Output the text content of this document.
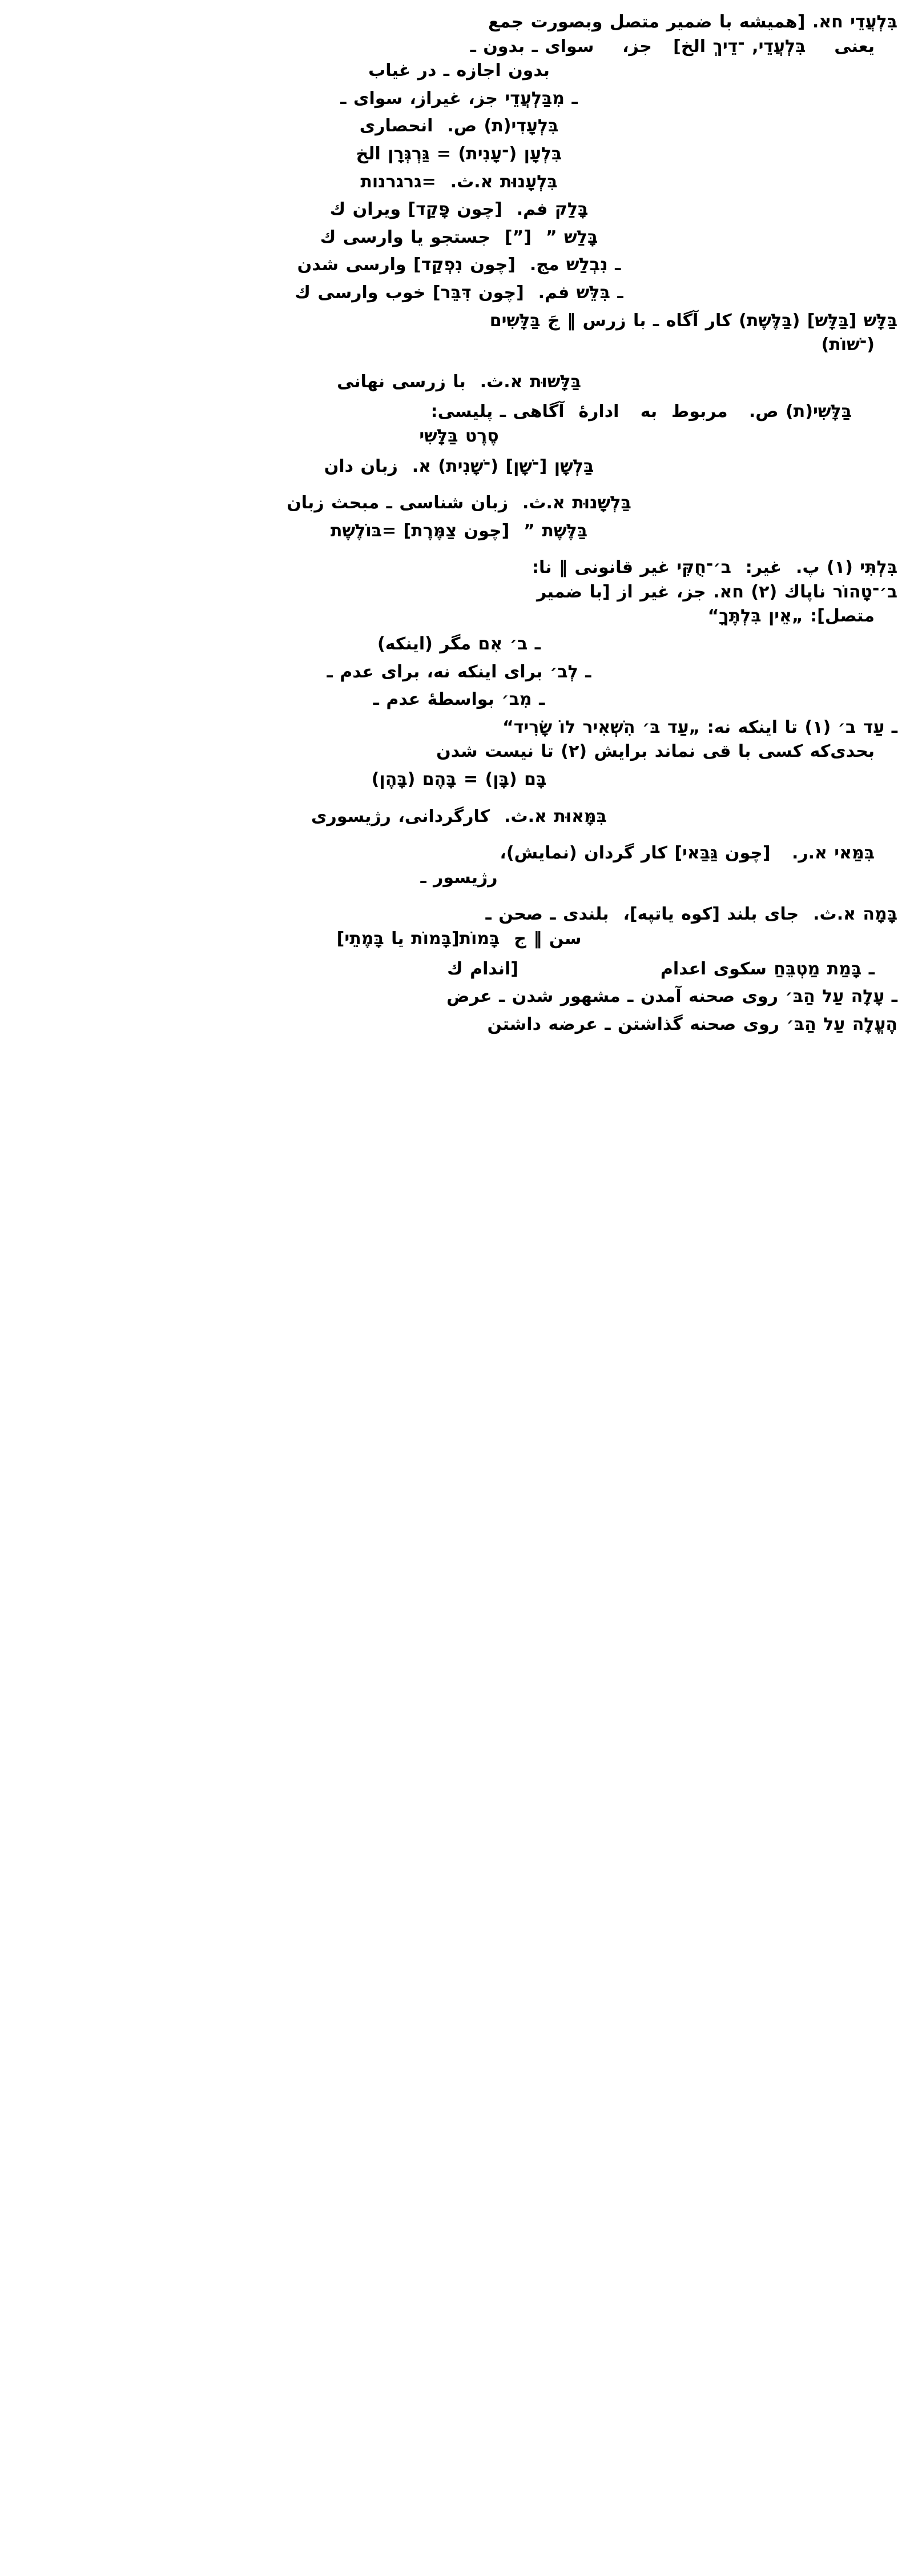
בִּלְעֲדֵי חא. [همیشه با ضمیر متصل وبصورت جمع
یعنی    בִּלְעֲדֵי, ־דֵיךְ الخ]   جز،    سوای ـ بدون ـ
بدون اجازه ـ در غیاب
ـ מִבַּלְעֲדֵי جز، غیراز، سوای ـ
בִּלְעָדִי(ת) ص.  انحصاری
בִּלְעָן (־עָנִית) = גַּרְגְּרָן الخ
בִּלְעָנוּת א.ث.  =גרגרנות
בָּלַק فم.  [چون פָּקַד] ویران ك
בָּלַשׁ ”  [”]  جستجو یا وارسی ك
ـ נִבְלַשׁ مج.  [چون נִפְקַד] وارسی شدن
ـ בִּלֵּשׁ فم.  [چون דִּבֵּר] خوب وارسی ك
בַּלָּשׁ [בַּלָּשׁ] (בַּלֶּשֶׁת) كار آگاه ـ با زرس ‖ جَ בַּלָּשִׁים
(־שׁוֹת)
בַּלָּשׁוּת א.ث.  با زرسی نهانی
בַּלָּשִׁי(ת) ص.   مربوط  به   ادارهٔ  آگاهی ـ پلیسی:
סֶרֶט בַּלָּשִׁי
בַּלְשָׁן [־שָׁן] (־שָׁנִית) א.  زبان دان
בַּלְשָׁנוּת א.ث.  زبان شناسی ـ مبحث زبان
בַּלֶּשֶׁת ”  [چون צַמֶּרֶת] =בּוֹלֶשֶׁת
בִּלְתִּי (۱) پ.  غیر:  ב׳־חֻקִּי غیر قانونی ‖ نا:
ב׳־טָהוֹר ناپاك (۲) חא. جز، غیر از [با ضمیر
متصل]: „אֵין בִּלְתֶּךָ“
ـ ב׳ אִם مگر (اینكه)
ـ לְב׳ برای اینكه نه، برای عدم ـ
ـ מִב׳ بواسطهٔ عدم ـ
ـ עַד ב׳ (۱) تا اینكه نه: „עַד בּ׳ הִשְׁאִיר לוֹ שָׂרִיד“
بحدی‌كه كسی با قی نماند برایش (۲) تا نیست شدن
בָּם (בָּן) = בָּהֶם (בָּהֶן)
בִּמָּאוּת א.ث.  كارگردانی، رژیسوری
בִּמַּאי א.ر.   [چون גַּבַּאי] كار گردان (نمایش)،
رژیسور ـ
בָּמָה א.ث.  جای بلند [كوه یاتپه]،  بلندی ـ صحن ـ
سن ‖ ج  בָּמוֹת[בָּמוֹת یا בָּמֶתֵי]
ـ בָּמַת מַטְבֵּחַ سكوی اعدام                    [اندام ك
ـ עָלָה עַל הַבּ׳ روی صحنه آمدن ـ مشهور شدن ـ عرض
הֶעֱלָה עַל הַבּ׳ روی صحنه گذاشتن ـ عرضه داشتن
